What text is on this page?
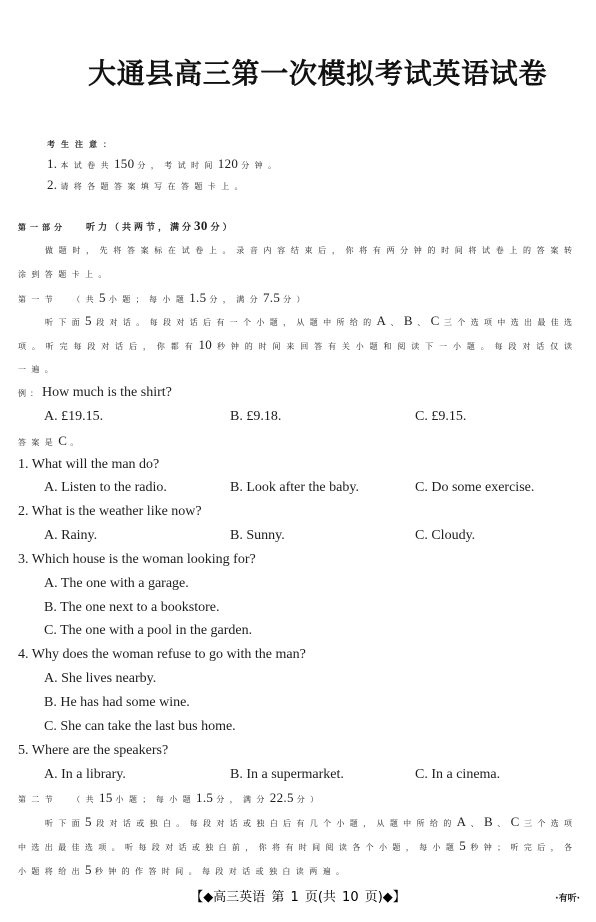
大通县高三第一次模拟考试英语试卷
考生注意：
1. 本试卷共150 分，考试时间120 分钟。
2. 请将各题答案填写在答题卡上。
第一部分 听力（共两节，满分30 分）
做题时，先将答案标在试卷上。录音内容结束后，你将有两分钟的时间将试卷上的答案转
涂到答题卡上。
第一节 （共5 小题；每小题1.5 分，满分7.5 分）
听下面5 段对话。每段对话后有一个小题，从题中所给的A 、B 、C 三个选项中选出最佳选
项。听完每段对话后，你都有10 秒钟的时间来回答有关小题和阅读下一小题。每段对话仅读
一遍。
例：How much is the shirt?
A. £19.15.	B. £9.18.	C. £9.15.
答案是C 。
1. What will the man do?
A. Listen to the radio.	B. Look after the baby.	C. Do some exercise.
2. What is the weather like now?
A. Rainy.	B. Sunny.	C. Cloudy.
3. Which house is the woman looking for?
A. The one with a garage.
B. The one next to a bookstore.
C. The one with a pool in the garden.
4. Why does the woman refuse to go with the man?
A. She lives nearby.
B. He has had some wine.
C. She can take the last bus home.
5. Where are the speakers?
A. In a library.	B. In a supermarket.	C. In a cinema.
第二节 （共15 小题；每小题1.5 分，满分22.5 分）
听下面5 段对话或独白。每段对话或独白后有几个小题，从题中所给的A 、B 、C 三个选项
中选出最佳选项。听每段对话或独白前，你将有时间阅读各个小题，每小题5 秒钟；听完后，各
小题将给出5 秒钟的作答时间。每段对话或独白读两遍。
【◆高三英语 第 1 页(共 10 页)◆】	·有听·
